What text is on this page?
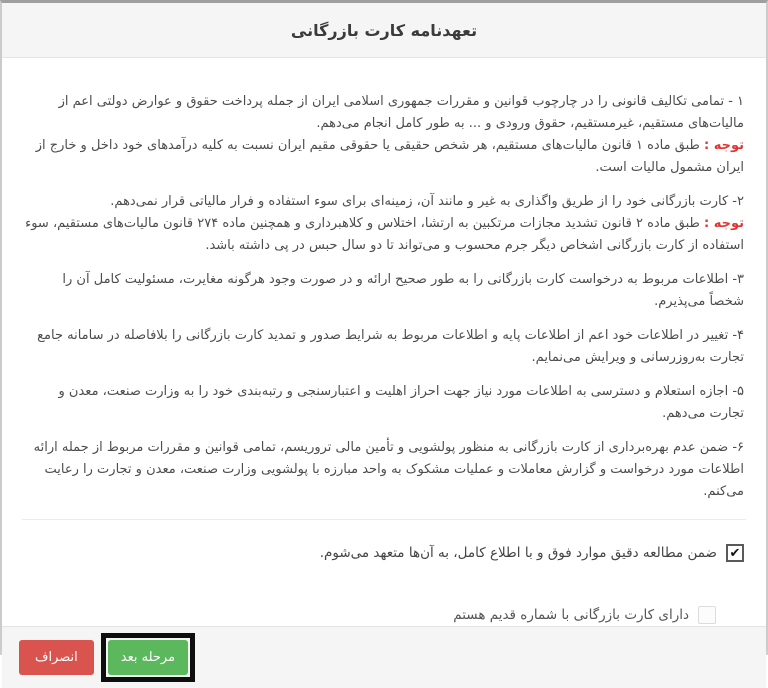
تعهدنامه کارت بازرگانی
۱ - تمامی تکالیف قانونی را در چارچوب قوانین و مقررات جمهوری اسلامی ایران از جمله پرداخت حقوق و عوارض دولتی اعم از مالیات‌های مستقیم، غیرمستقیم، حقوق ورودی و ... به طور کامل انجام می‌دهم.
توجه : طبق ماده ۱ قانون مالیات‌های مستقیم، هر شخص حقیقی یا حقوقی مقیم ایران نسبت به کلیه درآمدهای خود داخل و خارج از ایران مشمول مالیات است.
۲- کارت بازرگانی خود را از طریق واگذاری به غیر و مانند آن، زمینه‌ای برای سوء استفاده و فرار مالیاتی قرار نمی‌دهم.
توجه : طبق ماده ۲ قانون تشدید مجازات مرتکبین به ارتشا، اختلاس و کلاهبرداری و همچنین ماده ۲۷۴ قانون مالیات‌های مستقیم، سوء استفاده از کارت بازرگانی اشخاص دیگر جرم محسوب و می‌تواند تا دو سال حبس در پی داشته باشد.
۳- اطلاعات مربوط به درخواست کارت بازرگانی را به طور صحیح ارائه و در صورت وجود هرگونه مغایرت، مسئولیت کامل آن را شخصاً می‌پذیرم.
۴- تغییر در اطلاعات خود اعم از اطلاعات پایه و اطلاعات مربوط به شرایط صدور و تمدید کارت بازرگانی را بلافاصله در سامانه جامع تجارت به‌روزرسانی و ویرایش می‌نمایم.
۵- اجازه استعلام و دسترسی به اطلاعات مورد نیاز جهت احراز اهلیت و اعتبارسنجی و رتبه‌بندی خود را به وزارت صنعت، معدن و تجارت می‌دهم.
۶- ضمن عدم بهره‌برداری از کارت بازرگانی به منظور پولشویی و تأمین مالی تروریسم، تمامی قوانین و مقررات مربوط از جمله ارائه اطلاعات مورد درخواست و گزارش معاملات و عملیات مشکوک به واحد مبارزه با پولشویی وزارت صنعت، معدن و تجارت را رعایت می‌کنم.
✔
ضمن مطالعه دقیق موارد فوق و با اطلاع کامل، به آن‌ها متعهد می‌شوم.
دارای کارت بازرگانی با شماره قدیم هستم
انصراف	مرحله بعد
